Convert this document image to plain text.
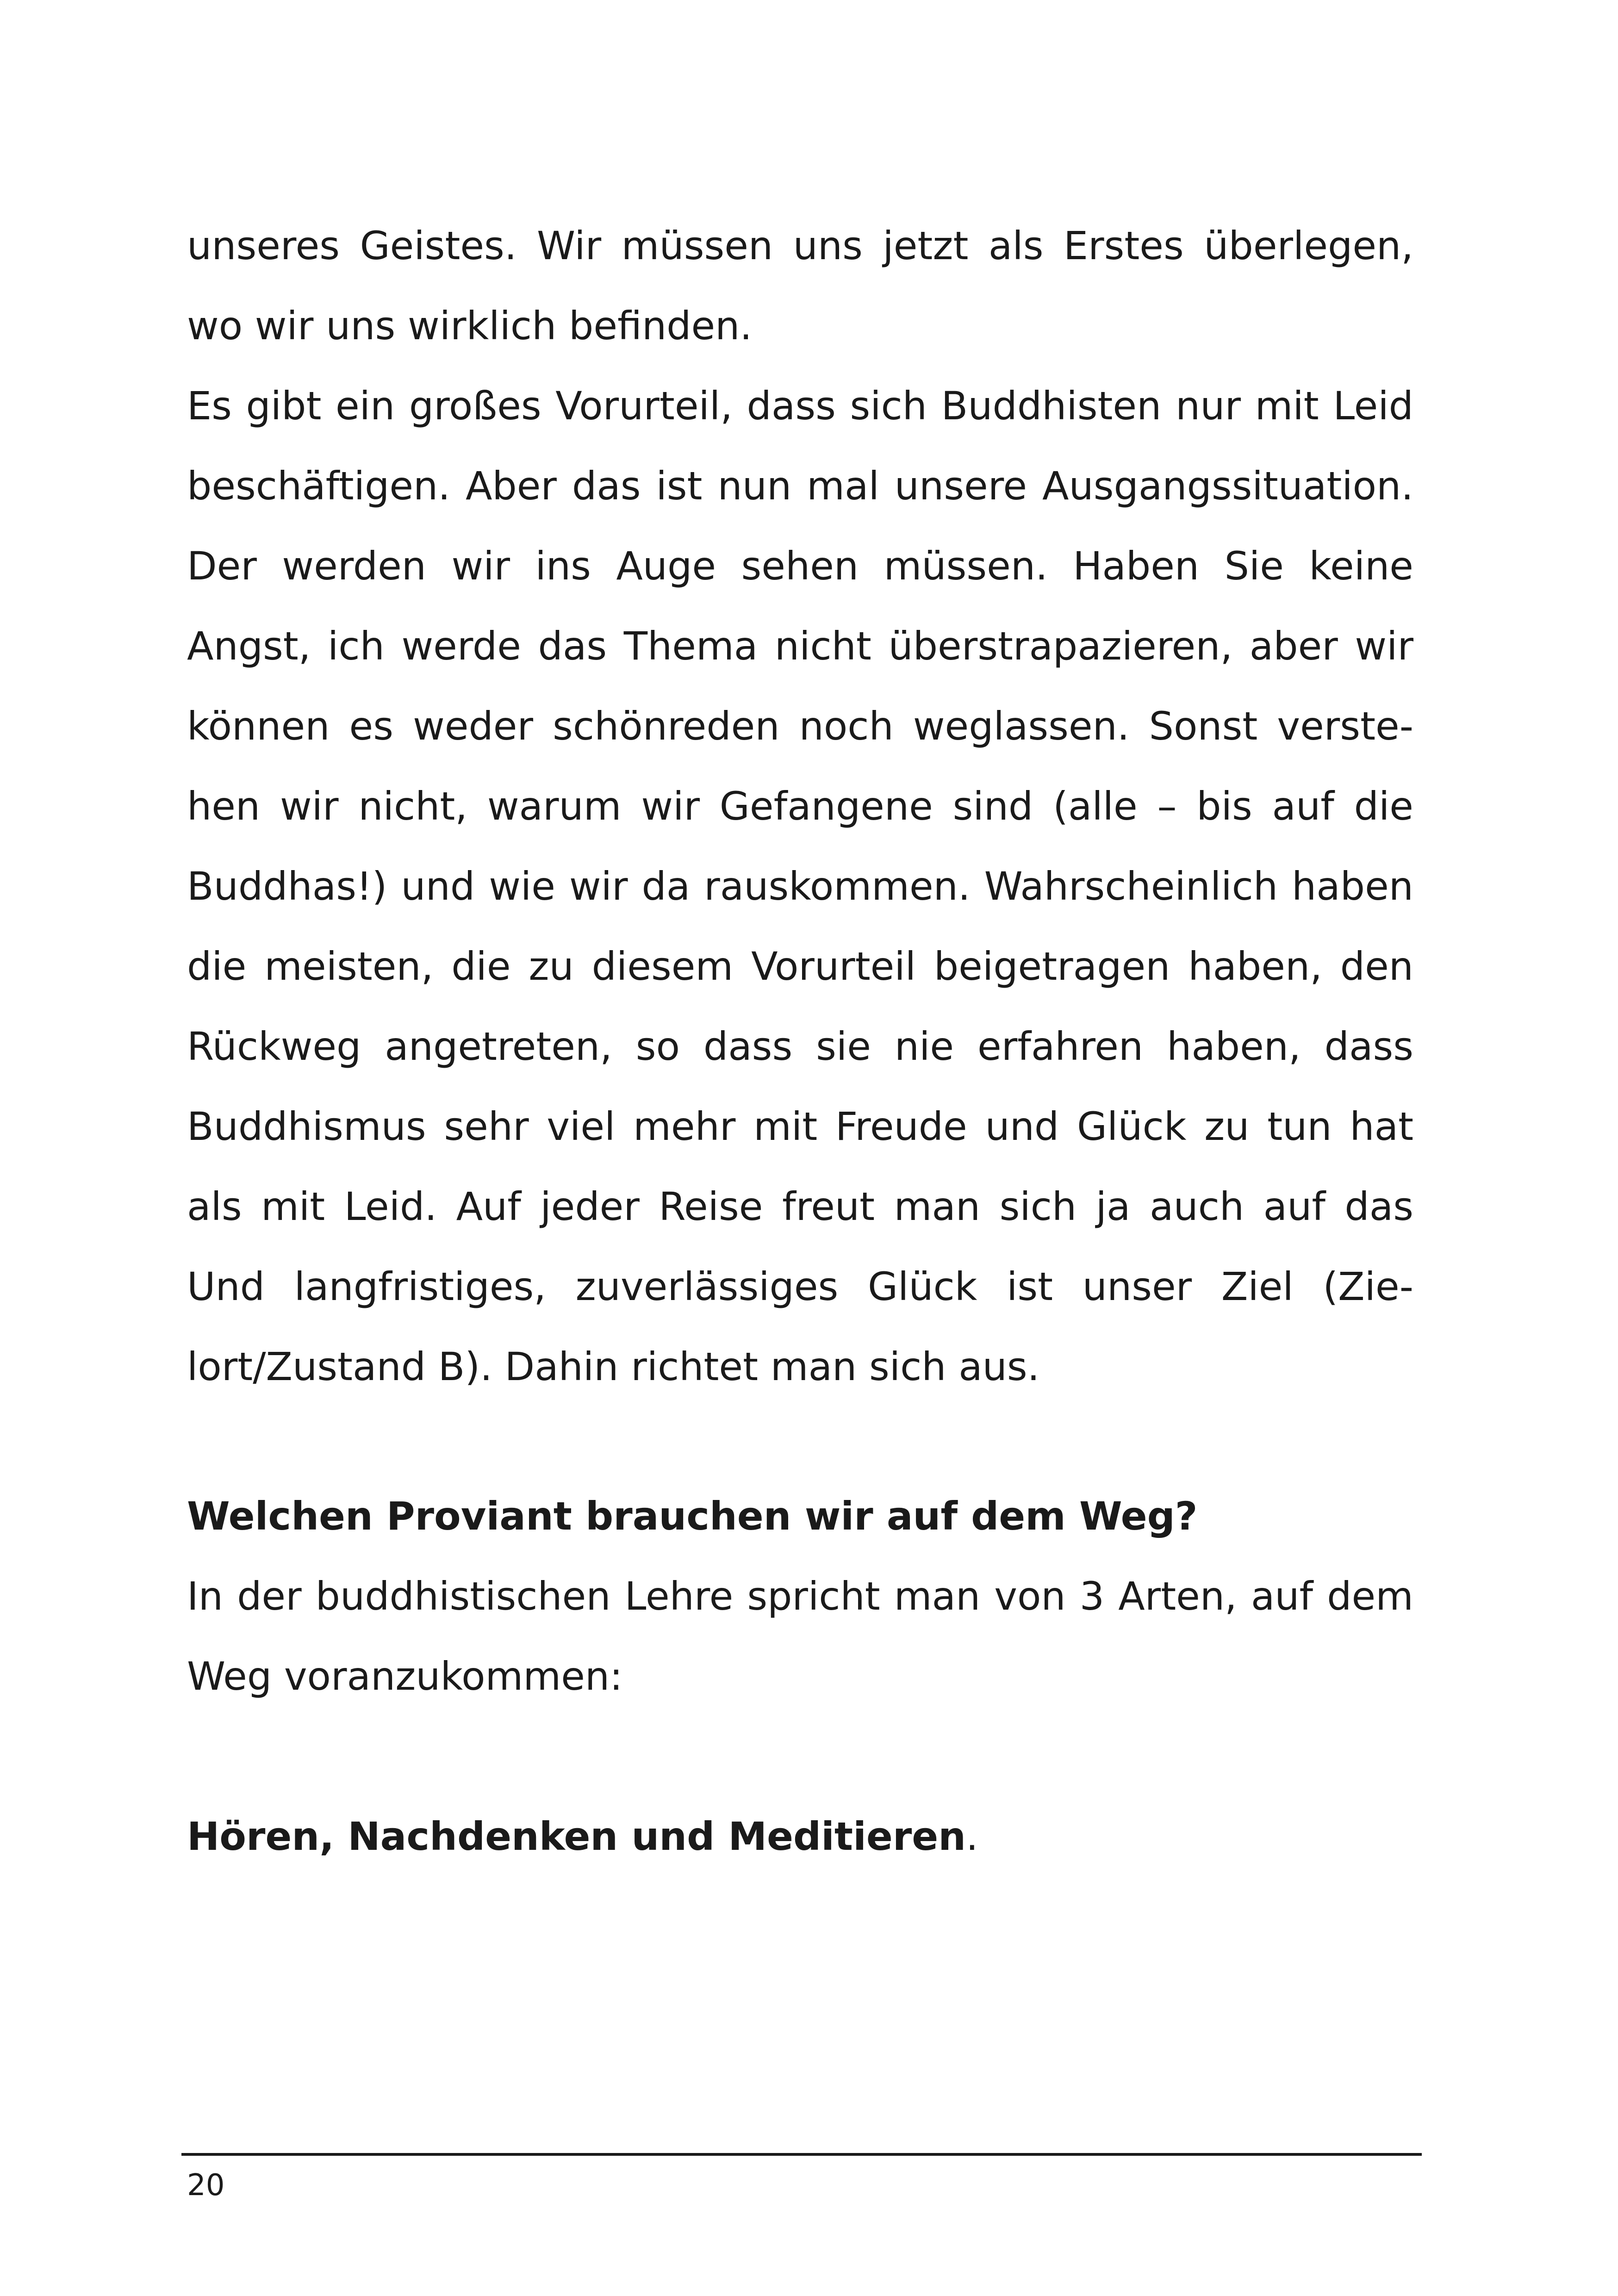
unseres Geistes. Wir müssen uns jetzt als Erstes überlegen,
wo wir uns wirklich befinden.
Es gibt ein großes Vorurteil, dass sich Buddhisten nur mit Leid
beschäftigen. Aber das ist nun mal unsere Ausgangssituation.
Der werden wir ins Auge sehen müssen. Haben Sie keine
Angst, ich werde das Thema nicht überstrapazieren, aber wir
können es weder schönreden noch weglassen. Sonst verste-
hen wir nicht, warum wir Gefangene sind (alle – bis auf die
Buddhas!) und wie wir da rauskommen. Wahrscheinlich haben
die meisten, die zu diesem Vorurteil beigetragen haben, den
Rückweg angetreten, so dass sie nie erfahren haben, dass
Buddhismus sehr viel mehr mit Freude und Glück zu tun hat
als mit Leid. Auf jeder Reise freut man sich ja auch auf das
Und langfristiges, zuverlässiges Glück ist unser Ziel (Zie-
lort/Zustand B). Dahin richtet man sich aus.
Welchen Proviant brauchen wir auf dem Weg?
In der buddhistischen Lehre spricht man von 3 Arten, auf dem
Weg voranzukommen:
Hören, Nachdenken und Meditieren.
20
